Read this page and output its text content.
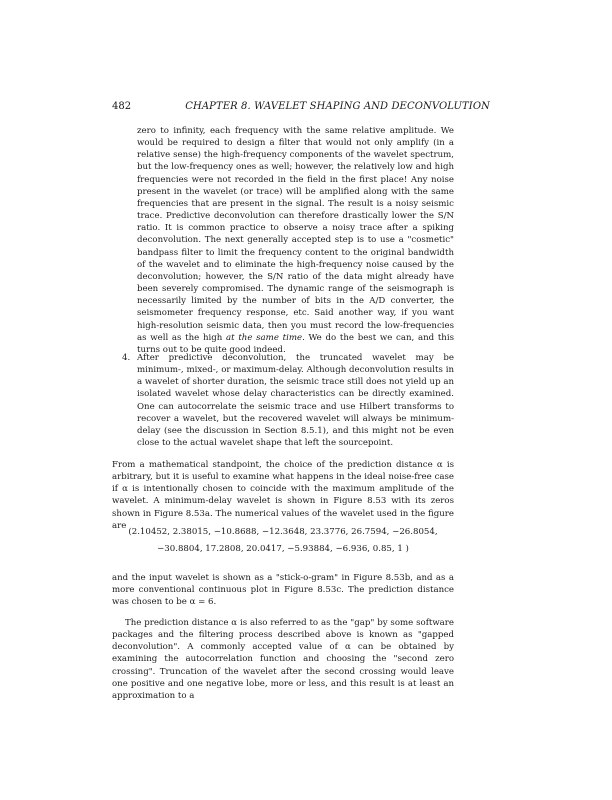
482	CHAPTER 8. WAVELET SHAPING AND DECONVOLUTION

zero to infinity, each frequency with the same relative amplitude. We would be required to design a filter that would not only amplify (in a relative sense) the high-frequency components of the wavelet spectrum, but the low-frequency ones as well; however, the relatively low and high frequencies were not recorded in the field in the first place! Any noise present in the wavelet (or trace) will be amplified along with the same frequencies that are present in the signal. The result is a noisy seismic trace. Predictive deconvolution can therefore drastically lower the S/N ratio. It is common practice to observe a noisy trace after a spiking deconvolution. The next generally accepted step is to use a "cosmetic" bandpass filter to limit the frequency content to the original bandwidth of the wavelet and to eliminate the high-frequency noise caused by the deconvolution; however, the S/N ratio of the data might already have been severely compromised. The dynamic range of the seismograph is necessarily limited by the number of bits in the A/D converter, the seismometer frequency response, etc. Said another way, if you want high-resolution seismic data, then you must record the low-frequencies as well as the high at the same time. We do the best we can, and this turns out to be quite good indeed.

4. After predictive deconvolution, the truncated wavelet may be minimum-, mixed-, or maximum-delay. Although deconvolution results in a wavelet of shorter duration, the seismic trace still does not yield up an isolated wavelet whose delay characteristics can be directly examined. One can autocorrelate the seismic trace and use Hilbert transforms to recover a wavelet, but the recovered wavelet will always be minimum-delay (see the discussion in Section 8.5.1), and this might not be even close to the actual wavelet shape that left the sourcepoint.

From a mathematical standpoint, the choice of the prediction distance α is arbitrary, but it is useful to examine what happens in the ideal noise-free case if α is intentionally chosen to coincide with the maximum amplitude of the wavelet. A minimum-delay wavelet is shown in Figure 8.53 with its zeros shown in Figure 8.53a. The numerical values of the wavelet used in the figure are

(2.10452, 2.38015, −10.8688, −12.3648, 23.3776, 26.7594, −26.8054,
−30.8804, 17.2808, 20.0417, −5.93884, −6.936, 0.85, 1 )

and the input wavelet is shown as a "stick-o-gram" in Figure 8.53b, and as a more conventional continuous plot in Figure 8.53c. The prediction distance was chosen to be α = 6.

The prediction distance α is also referred to as the "gap" by some software packages and the filtering process described above is known as "gapped deconvolution". A commonly accepted value of α can be obtained by examining the autocorrelation function and choosing the "second zero crossing". Truncation of the wavelet after the second crossing would leave one positive and one negative lobe, more or less, and this result is at least an approximation to a
